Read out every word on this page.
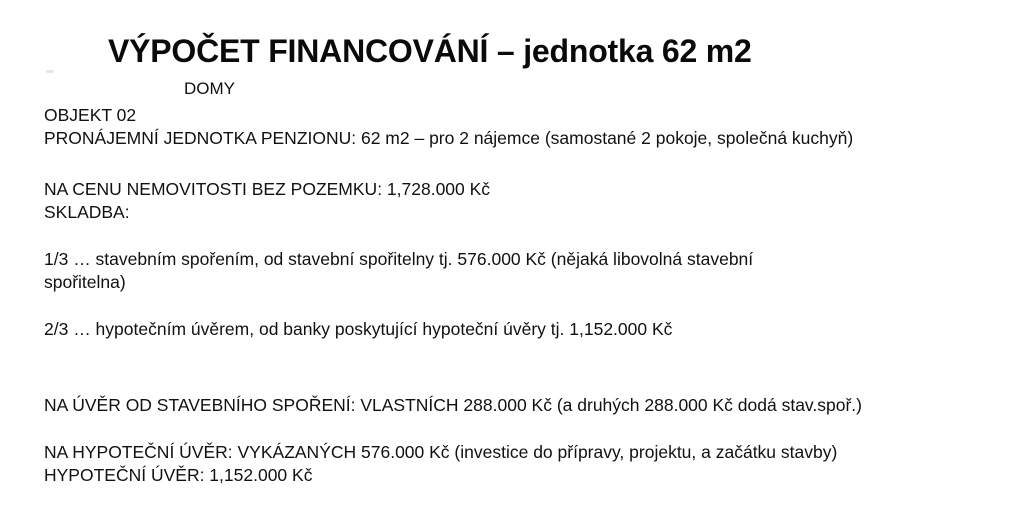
VÝPOČET FINANCOVÁNÍ – jednotka 62 m2
DOMY
OBJEKT 02
PRONÁJEMNÍ JEDNOTKA PENZIONU: 62 m2 – pro 2 nájemce (samostané 2 pokoje, společná kuchyň)
NA CENU NEMOVITOSTI BEZ POZEMKU: 1,728.000 Kč
SKLADBA:
1/3 … stavebním spořením, od stavební spořitelny tj. 576.000 Kč (nějaká libovolná stavební
spořitelna)
2/3 … hypotečním úvěrem, od banky poskytující hypoteční úvěry tj. 1,152.000 Kč
NA ÚVĚR OD STAVEBNÍHO SPOŘENÍ: VLASTNÍCH 288.000 Kč (a druhých 288.000 Kč dodá stav.spoř.)
NA HYPOTEČNÍ ÚVĚR: VYKÁZANÝCH 576.000 Kč (investice do přípravy, projektu, a začátku stavby)
HYPOTEČNÍ ÚVĚR: 1,152.000 Kč
